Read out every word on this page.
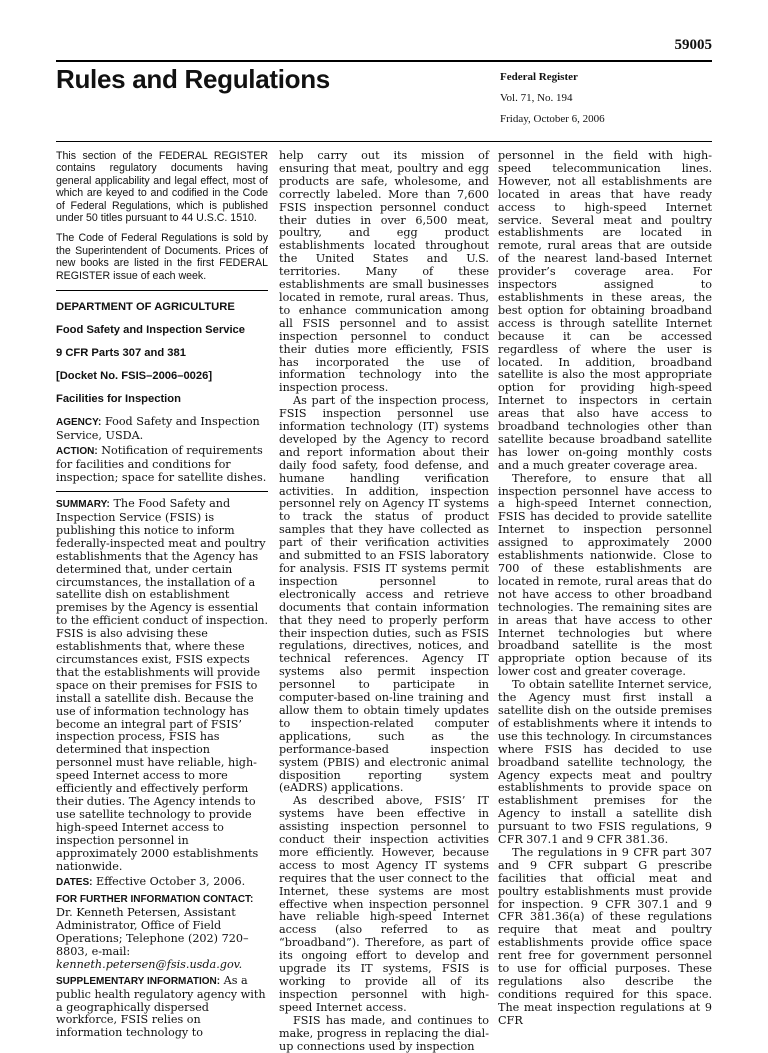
59005
Rules and Regulations	Federal Register
Vol. 71, No. 194
Friday, October 6, 2006

This section of the FEDERAL REGISTER contains regulatory documents having general applicability and legal effect, most of which are keyed to and codified in the Code of Federal Regulations, which is published under 50 titles pursuant to 44 U.S.C. 1510.

The Code of Federal Regulations is sold by the Superintendent of Documents. Prices of new books are listed in the first FEDERAL REGISTER issue of each week.

DEPARTMENT OF AGRICULTURE
Food Safety and Inspection Service
9 CFR Parts 307 and 381
[Docket No. FSIS–2006–0026]
Facilities for Inspection

AGENCY: Food Safety and Inspection Service, USDA.

ACTION: Notification of requirements for facilities and conditions for inspection; space for satellite dishes.

SUMMARY: The Food Safety and Inspection Service (FSIS) is publishing this notice to inform federally-inspected meat and poultry establishments that the Agency has determined that, under certain circumstances, the installation of a satellite dish on establishment premises by the Agency is essential to the efficient conduct of inspection. FSIS is also advising these establishments that, where these circumstances exist, FSIS expects that the establishments will provide space on their premises for FSIS to install a satellite dish. Because the use of information technology has become an integral part of FSIS’ inspection process, FSIS has determined that inspection personnel must have reliable, high-speed Internet access to more efficiently and effectively perform their duties. The Agency intends to use satellite technology to provide high-speed Internet access to inspection personnel in approximately 2000 establishments nationwide.

DATES: Effective October 3, 2006.

FOR FURTHER INFORMATION CONTACT: Dr. Kenneth Petersen, Assistant Administrator, Office of Field Operations; Telephone (202) 720–8803, e-mail: kenneth.petersen@fsis.usda.gov.

SUPPLEMENTARY INFORMATION: As a public health regulatory agency with a geographically dispersed workforce, FSIS relies on information technology to

help carry out its mission of ensuring that meat, poultry and egg products are safe, wholesome, and correctly labeled. More than 7,600 FSIS inspection personnel conduct their duties in over 6,500 meat, poultry, and egg product establishments located throughout the United States and U.S. territories. Many of these establishments are small businesses located in remote, rural areas. Thus, to enhance communication among all FSIS personnel and to assist inspection personnel to conduct their duties more efficiently, FSIS has incorporated the use of information technology into the inspection process.

As part of the inspection process, FSIS inspection personnel use information technology (IT) systems developed by the Agency to record and report information about their daily food safety, food defense, and humane handling verification activities. In addition, inspection personnel rely on Agency IT systems to track the status of product samples that they have collected as part of their verification activities and submitted to an FSIS laboratory for analysis. FSIS IT systems permit inspection personnel to electronically access and retrieve documents that contain information that they need to properly perform their inspection duties, such as FSIS regulations, directives, notices, and technical references. Agency IT systems also permit inspection personnel to participate in computer-based on-line training and allow them to obtain timely updates to inspection-related computer applications, such as the performance-based inspection system (PBIS) and electronic animal disposition reporting system (eADRS) applications.

As described above, FSIS’ IT systems have been effective in assisting inspection personnel to conduct their inspection activities more efficiently. However, because access to most Agency IT systems requires that the user connect to the Internet, these systems are most effective when inspection personnel have reliable high-speed Internet access (also referred to as “broadband”). Therefore, as part of its ongoing effort to develop and upgrade its IT systems, FSIS is working to provide all of its inspection personnel with high-speed Internet access.

FSIS has made, and continues to make, progress in replacing the dial-up connections used by inspection

personnel in the field with high-speed telecommunication lines. However, not all establishments are located in areas that have ready access to high-speed Internet service. Several meat and poultry establishments are located in remote, rural areas that are outside of the nearest land-based Internet provider’s coverage area. For inspectors assigned to establishments in these areas, the best option for obtaining broadband access is through satellite Internet because it can be accessed regardless of where the user is located. In addition, broadband satellite is also the most appropriate option for providing high-speed Internet to inspectors in certain areas that also have access to broadband technologies other than satellite because broadband satellite has lower on-going monthly costs and a much greater coverage area.

Therefore, to ensure that all inspection personnel have access to a high-speed Internet connection, FSIS has decided to provide satellite Internet to inspection personnel assigned to approximately 2000 establishments nationwide. Close to 700 of these establishments are located in remote, rural areas that do not have access to other broadband technologies. The remaining sites are in areas that have access to other Internet technologies but where broadband satellite is the most appropriate option because of its lower cost and greater coverage.

To obtain satellite Internet service, the Agency must first install a satellite dish on the outside premises of establishments where it intends to use this technology. In circumstances where FSIS has decided to use broadband satellite technology, the Agency expects meat and poultry establishments to provide space on establishment premises for the Agency to install a satellite dish pursuant to two FSIS regulations, 9 CFR 307.1 and 9 CFR 381.36.

The regulations in 9 CFR part 307 and 9 CFR subpart G prescribe facilities that official meat and poultry establishments must provide for inspection. 9 CFR 307.1 and 9 CFR 381.36(a) of these regulations require that meat and poultry establishments provide office space rent free for government personnel to use for official purposes. These regulations also describe the conditions required for this space. The meat inspection regulations at 9 CFR
